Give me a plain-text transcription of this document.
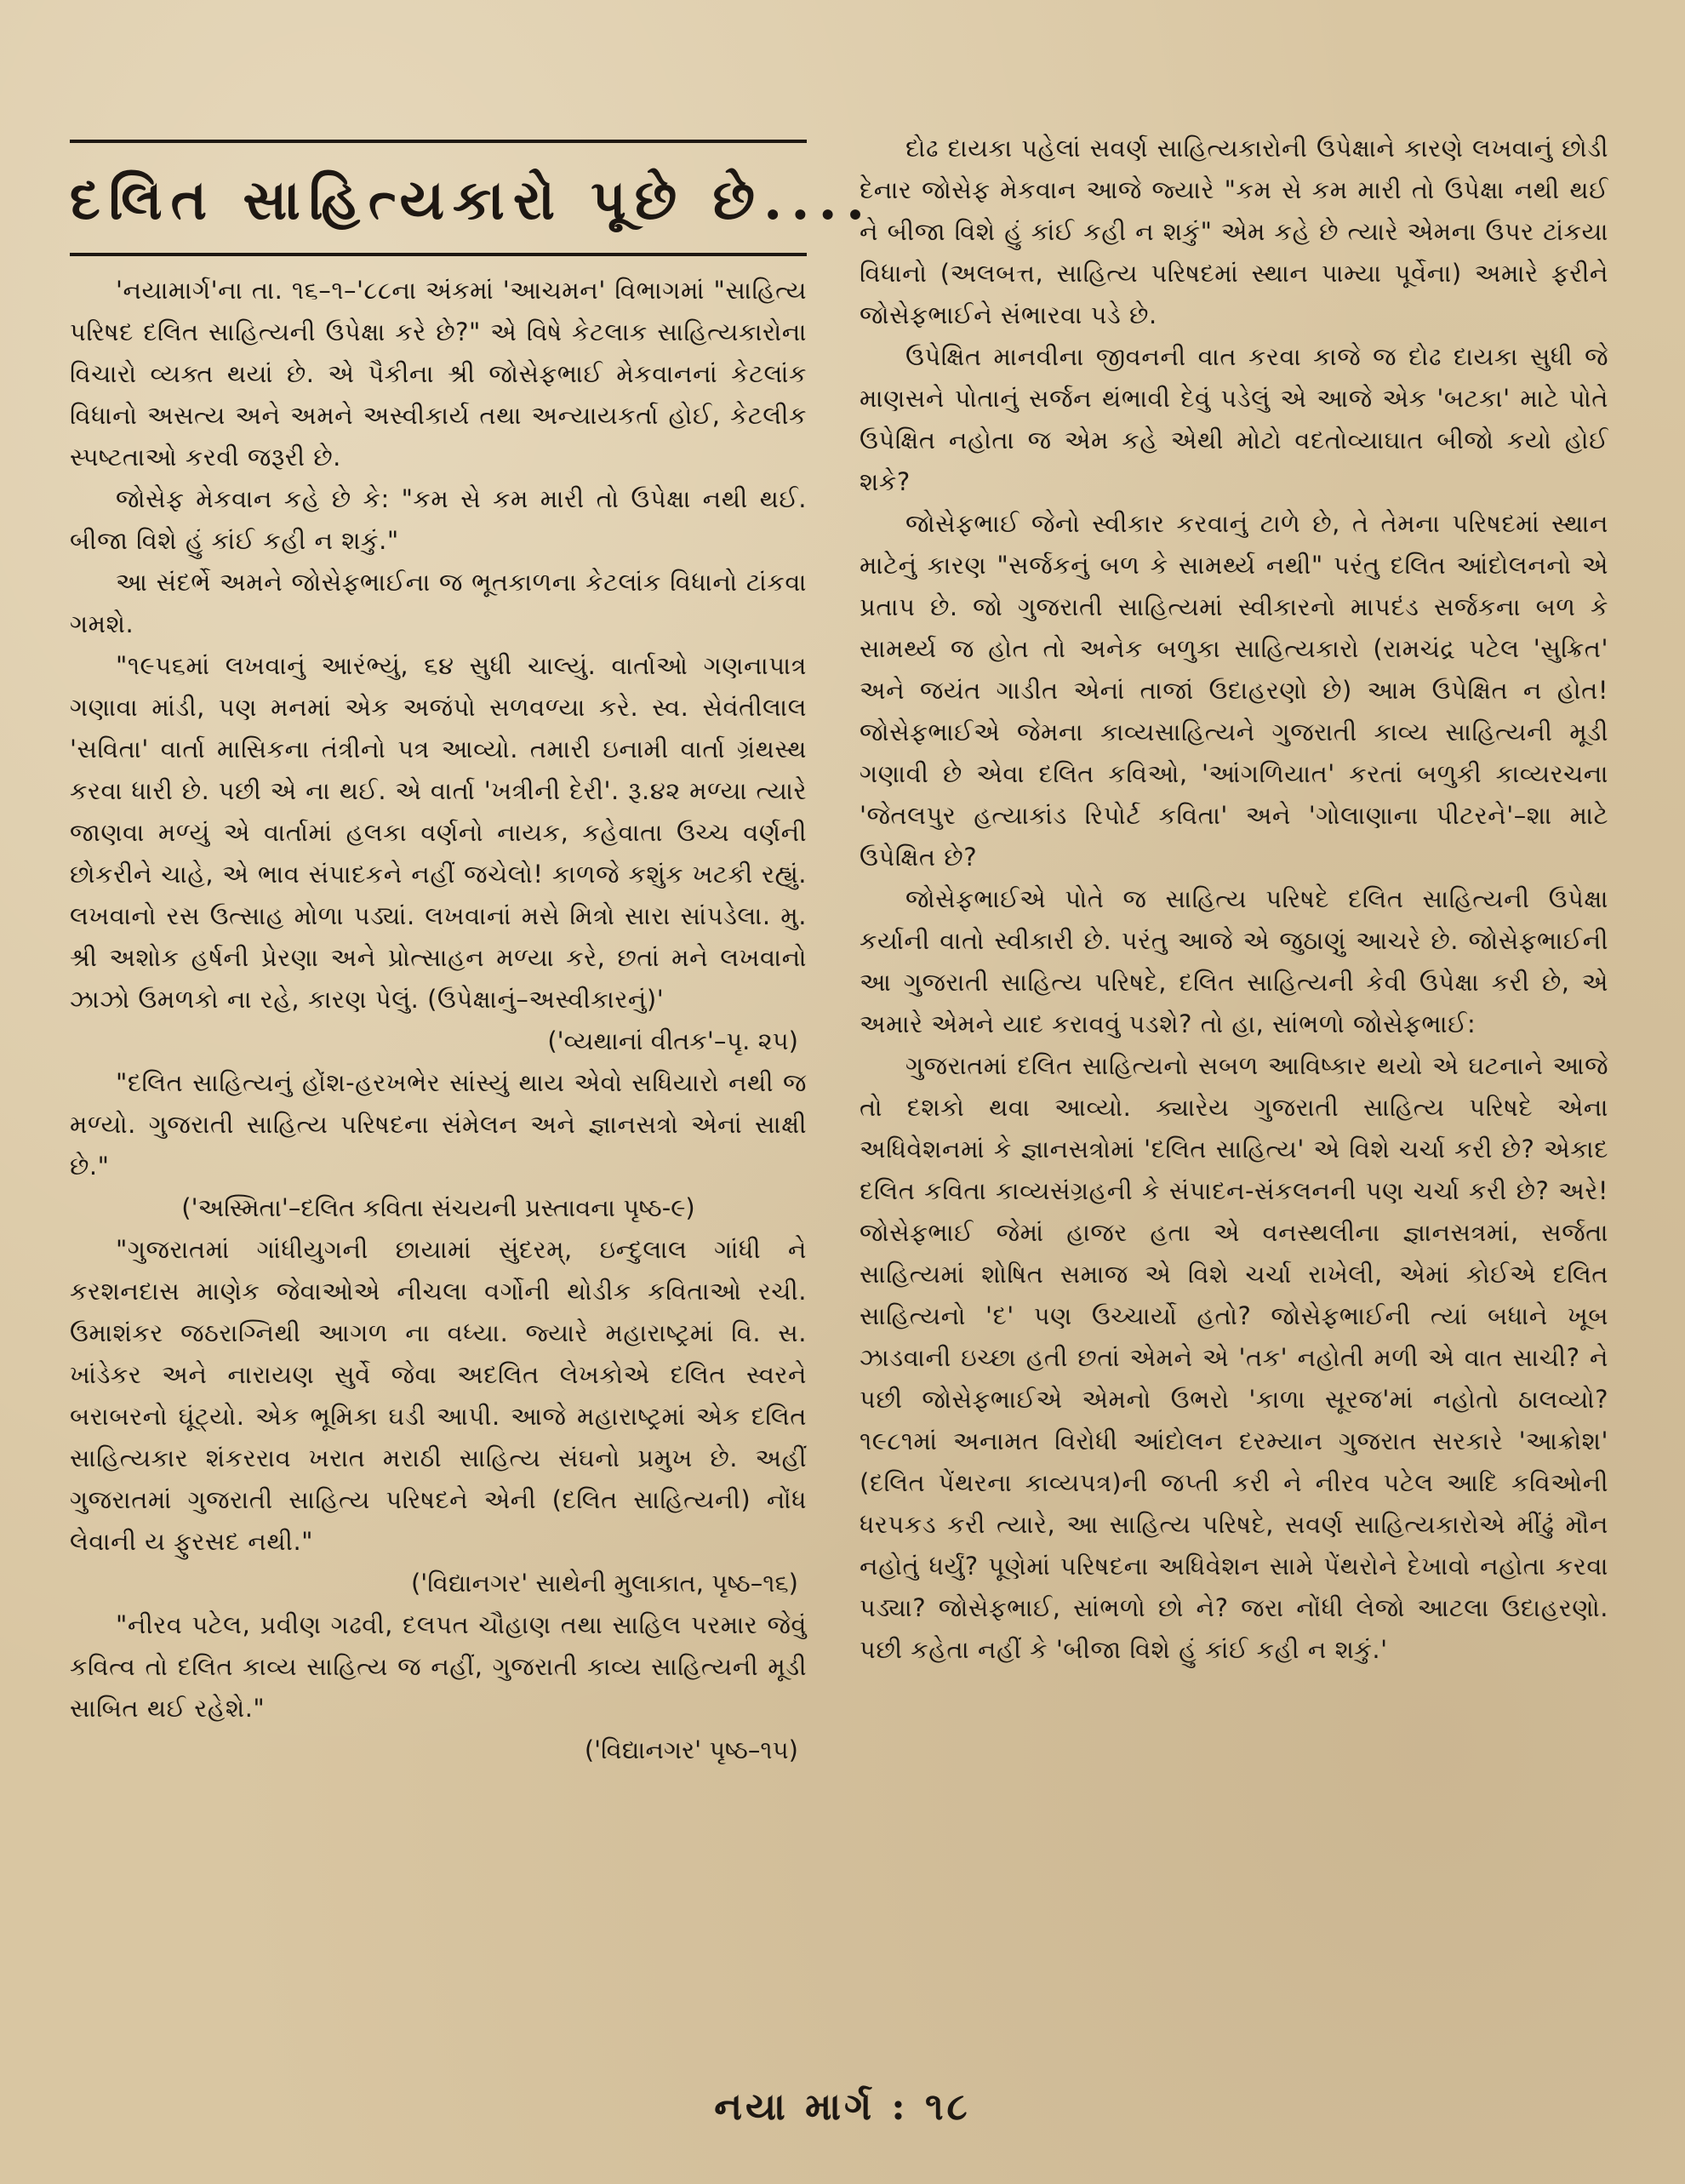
દલિત સાહિત્યકારો પૂછે છે....

'નયામાર્ગ'ના તા. ૧૬–૧–'૮૮ના અંકમાં 'આચમન' વિભાગમાં "સાહિત્ય પરિષદ દલિત સાહિત્યની ઉપેક્ષા કરે છે?" એ વિષે કેટલાક સાહિત્યકારોના વિચારો વ્યક્ત થયાં છે. એ પૈકીના શ્રી જોસેફભાઈ મેકવાનનાં કેટલાંક વિધાનો અસત્ય અને અમને અસ્વીકાર્ય તથા અન્યાયકર્તા હોઈ, કેટલીક સ્પષ્ટતાઓ કરવી જરૂરી છે.

જોસેફ મેકવાન કહે છે કે: "કમ સે કમ મારી તો ઉપેક્ષા નથી થઈ. બીજા વિશે હું કાંઈ કહી ન શકું."

આ સંદર્ભે અમને જોસેફભાઈના જ ભૂતકાળના કેટલાંક વિધાનો ટાંકવા ગમશે.

"૧૯૫૬માં લખવાનું આરંભ્યું, ૬૪ સુધી ચાલ્યું. વાર્તાઓ ગણનાપાત્ર ગણાવા માંડી, પણ મનમાં એક અજંપો સળવળ્યા કરે. સ્વ. સેવંતીલાલ 'સવિતા' વાર્તા માસિકના તંત્રીનો પત્ર આવ્યો. તમારી ઇનામી વાર્તા ગ્રંથસ્થ કરવા ધારી છે. પછી એ ના થઈ. એ વાર્તા 'ખત્રીની દેરી'. રૂ.૪૨ મળ્યા ત્યારે જાણવા મળ્યું એ વાર્તામાં હલકા વર્ણનો નાયક, કહેવાતા ઉચ્ચ વર્ણની છોકરીને ચાહે, એ ભાવ સંપાદકને નહીં જચેલો! કાળજે કશુંક ખટકી રહ્યું. લખવાનો રસ ઉત્સાહ મોળા પડ્યાં. લખવાનાં મસે મિત્રો સારા સાંપડેલા. મુ. શ્રી અશોક હર્ષની પ્રેરણા અને પ્રોત્સાહન મળ્યા કરે, છતાં મને લખવાનો ઝાઝો ઉમળકો ના રહે, કારણ પેલું. (ઉપેક્ષાનું–અસ્વીકારનું)'

('વ્યથાનાં વીતક'–પૃ. ૨૫)

"દલિત સાહિત્યનું હોંશ-હરખભેર સાંસ્યું થાય એવો સધિયારો નથી જ મળ્યો. ગુજરાતી સાહિત્ય પરિષદના સંમેલન અને જ્ઞાનસત્રો એનાં સાક્ષી છે."

('અસ્મિતા'–દલિત કવિતા સંચયની પ્રસ્તાવના પૃષ્ઠ-૯)

"ગુજરાતમાં ગાંધીયુગની છાયામાં સુંદરમ્, ઇન્દુલાલ ગાંધી ને કરશનદાસ માણેક જેવાઓએ નીચલા વર્ગોની થોડીક કવિતાઓ રચી. ઉમાશંકર જઠરાગ્નિથી આગળ ના વધ્યા. જ્યારે મહારાષ્ટ્રમાં વિ. સ. ખાંડેકર અને નારાયણ સુર્વે જેવા અદલિત લેખકોએ દલિત સ્વરને બરાબરનો ઘૂંટ્યો. એક ભૂમિકા ઘડી આપી. આજે મહારાષ્ટ્રમાં એક દલિત સાહિત્યકાર શંકરરાવ ખરાત મરાઠી સાહિત્ય સંઘનો પ્રમુખ છે. અહીં ગુજરાતમાં ગુજરાતી સાહિત્ય પરિષદને એની (દલિત સાહિત્યની) નોંધ લેવાની ય ફુરસદ નથી."

('વિદ્યાનગર' સાથેની મુલાકાત, પૃષ્ઠ–૧૬)

"નીરવ પટેલ, પ્રવીણ ગઢવી, દલપત ચૌહાણ તથા સાહિલ પરમાર જેવું કવિત્વ તો દલિત કાવ્ય સાહિત્ય જ નહીં, ગુજરાતી કાવ્ય સાહિત્યની મૂડી સાબિત થઈ રહેશે."

('વિદ્યાનગર' પૃષ્ઠ–૧૫)

દોઢ દાયકા પહેલાં સવર્ણ સાહિત્યકારોની ઉપેક્ષાને કારણે લખવાનું છોડી દેનાર જોસેફ મેકવાન આજે જ્યારે "કમ સે કમ મારી તો ઉપેક્ષા નથી થઈ ને બીજા વિશે હું કાંઈ કહી ન શકું" એમ કહે છે ત્યારે એમના ઉપર ટાંકયા વિધાનો (અલબત્ત, સાહિત્ય પરિષદમાં સ્થાન પામ્યા પૂર્વેના) અમારે ફરીને જોસેફભાઈને સંભારવા પડે છે.

ઉપેક્ષિત માનવીના જીવનની વાત કરવા કાજે જ દોઢ દાયકા સુધી જે માણસને પોતાનું સર્જન થંભાવી દેવું પડેલું એ આજે એક 'બટકા' માટે પોતે ઉપેક્ષિત નહોતા જ એમ કહે એથી મોટો વદતોવ્યાઘાત બીજો કયો હોઈ શકે?

જોસેફભાઈ જેનો સ્વીકાર કરવાનું ટાળે છે, તે તેમના પરિષદમાં સ્થાન માટેનું કારણ "સર્જકનું બળ કે સામર્થ્ય નથી" પરંતુ દલિત આંદોલનનો એ પ્રતાપ છે. જો ગુજરાતી સાહિત્યમાં સ્વીકારનો માપદંડ સર્જકના બળ કે સામર્થ્ય જ હોત તો અનેક બળુકા સાહિત્યકારો (રામચંદ્ર પટેલ 'સુક્રિત' અને જયંત ગાડીત એનાં તાજાં ઉદાહરણો છે) આમ ઉપેક્ષિત ન હોત! જોસેફભાઈએ જેમના કાવ્યસાહિત્યને ગુજરાતી કાવ્ય સાહિત્યની મૂડી ગણાવી છે એવા દલિત કવિઓ, 'આંગળિયાત' કરતાં બળુકી કાવ્યરચના 'જેતલપુર હત્યાકાંડ રિપોર્ટ કવિતા' અને 'ગોલાણાના પીટરને'–શા માટે ઉપેક્ષિત છે?

જોસેફભાઈએ પોતે જ સાહિત્ય પરિષદે દલિત સાહિત્યની ઉપેક્ષા કર્યાની વાતો સ્વીકારી છે. પરંતુ આજે એ જુઠાણું આચરે છે. જોસેફભાઈની આ ગુજરાતી સાહિત્ય પરિષદે, દલિત સાહિત્યની કેવી ઉપેક્ષા કરી છે, એ અમારે એમને યાદ કરાવવું પડશે? તો હા, સાંભળો જોસેફભાઈ:

ગુજરાતમાં દલિત સાહિત્યનો સબળ આવિષ્કાર થયો એ ઘટનાને આજે તો દશકો થવા આવ્યો. ક્યારેય ગુજરાતી સાહિત્ય પરિષદે એના અધિવેશનમાં કે જ્ઞાનસત્રોમાં 'દલિત સાહિત્ય' એ વિશે ચર્ચા કરી છે? એકાદ દલિત કવિતા કાવ્યસંગ્રહની કે સંપાદન-સંકલનની પણ ચર્ચા કરી છે? અરે! જોસેફભાઈ જેમાં હાજર હતા એ વનસ્થલીના જ્ઞાનસત્રમાં, સર્જતા સાહિત્યમાં શોષિત સમાજ એ વિશે ચર્ચા રાખેલી, એમાં કોઈએ દલિત સાહિત્યનો 'દ' પણ ઉચ્ચાર્યો હતો? જોસેફભાઈની ત્યાં બધાને ખૂબ ઝાડવાની ઇચ્છા હતી છતાં એમને એ 'તક' નહોતી મળી એ વાત સાચી? ને પછી જોસેફભાઈએ એમનો ઉભરો 'કાળા સૂરજ'માં નહોતો ઠાલવ્યો? ૧૯૮૧માં અનામત વિરોધી આંદોલન દરમ્યાન ગુજરાત સરકારે 'આક્રોશ' (દલિત પેંથરના કાવ્યપત્ર)ની જપ્તી કરી ને નીરવ પટેલ આદિ કવિઓની ધરપકડ કરી ત્યારે, આ સાહિત્ય પરિષદે, સવર્ણ સાહિત્યકારોએ મીંઢું મૌન નહોતું ધર્યું? પૂણેમાં પરિષદના અધિવેશન સામે પેંથરોને દેખાવો નહોતા કરવા પડ્યા? જોસેફભાઈ, સાંભળો છો ને? જરા નોંધી લેજો આટલા ઉદાહરણો. પછી કહેતા નહીં કે 'બીજા વિશે હું કાંઈ કહી ન શકું.'

નયા માર્ગ : ૧૮
